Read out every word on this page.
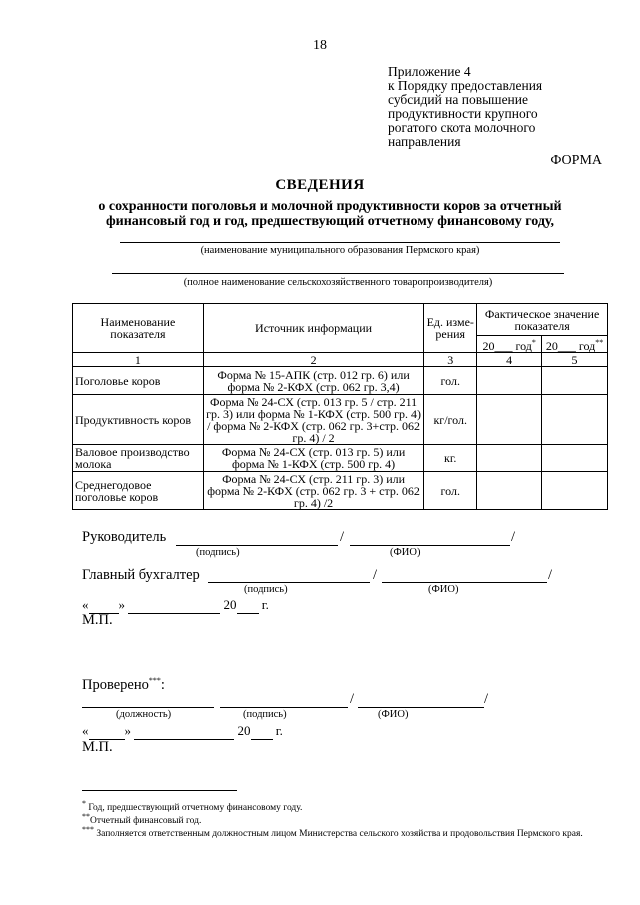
18
Приложение 4
к Порядку предоставления
субсидий на повышение
продуктивности крупного
рогатого скота молочного
направления
ФОРМА
СВЕДЕНИЯ
о сохранности поголовья и молочной продуктивности коров за отчетный
финансовый год и год, предшествующий отчетному финансовому году,
(наименование муниципального образования Пермского края)
(полное наименование сельскохозяйственного товаропроизводителя)
Наименование показателя	Источник информации	Ед. изме-рения	Фактическое значение показателя	
			20___ год*	20___ год**
1	2	3	4	5
Поголовье коров	Форма № 15-АПК (стр. 012 гр. 6) или форма № 2-КФХ (стр. 062 гр. 3,4)	гол.		
Продуктивность коров	Форма № 24-СХ (стр. 013 гр. 5 / стр. 211 гр. 3) или форма № 1-КФХ (стр. 500 гр. 4) / форма № 2-КФХ (стр. 062 гр. 3+стр. 062 гр. 4) / 2	кг/гол.		
Валовое производство молока	Форма № 24-СХ (стр. 013 гр. 5) или форма № 1-КФХ (стр. 500 гр. 4)	кг.		
Среднегодовое поголовье коров	Форма № 24-СХ (стр. 211 гр. 3) или форма № 2-КФХ (стр. 062 гр. 3 + стр. 062 гр. 4) /2	гол.		
Руководитель	/	/
(подпись)	(ФИО)
Главный бухгалтер	/	/
(подпись)	(ФИО)
« »	20 г.
М.П.
Проверено***:
/	/
(должность)	(подпись)	(ФИО)
«	»	20 г.
М.П.
* Год, предшествующий отчетному финансовому году.
**Отчетный финансовый год.
*** Заполняется ответственным должностным лицом Министерства сельского хозяйства и продовольствия Пермского края.
